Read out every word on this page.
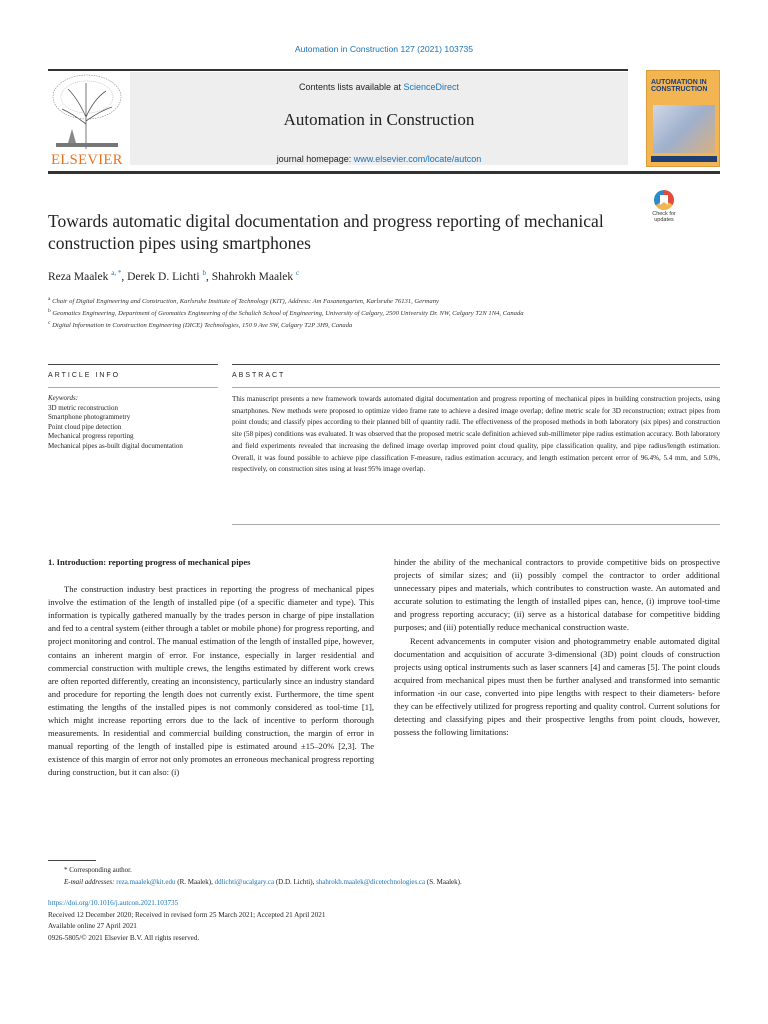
Automation in Construction 127 (2021) 103735
ELSEVIER
Contents lists available at ScienceDirect
Automation in Construction
journal homepage: www.elsevier.com/locate/autcon
AUTOMATION IN CONSTRUCTION
Check for updates
Towards automatic digital documentation and progress reporting of mechanical construction pipes using smartphones
Reza Maalek $^{a, *}$, Derek D. Lichti $^b$, Shahrokh Maalek $^c$
$^a$ Chair of Digital Engineering and Construction, Karlsruhe Institute of Technology (KIT), Address: Am Fasanengarten, Karlsruhe 76131, Germany
$^b$ Geomatics Engineering, Department of Geomatics Engineering of the Schulich School of Engineering, University of Calgary, 2500 University Dr. NW, Calgary T2N 1N4, Canada
$^c$ Digital Information in Construction Engineering (DICE) Technologies, 150 9 Ave SW, Calgary T2P 3H9, Canada
ARTICLE INFO	ABSTRACT
Keywords:
3D metric reconstruction
Smartphone photogrammetry
Point cloud pipe detection
Mechanical progress reporting
Mechanical pipes as-built digital documentation
This manuscript presents a new framework towards automated digital documentation and progress reporting of mechanical pipes in building construction projects, using smartphones. New methods were proposed to optimize video frame rate to achieve a desired image overlap; define metric scale for 3D reconstruction; extract pipes from point clouds; and classify pipes according to their planned bill of quantity radii. The effectiveness of the proposed methods in both laboratory (six pipes) and construction site (58 pipes) conditions was evaluated. It was observed that the proposed metric scale definition achieved sub-millimeter pipe radius estimation accuracy. Both laboratory and field experiments revealed that increasing the defined image overlap improved point cloud quality, pipe classification quality, and pipe radius/length estimation. Overall, it was found possible to achieve pipe classification F-measure, radius estimation accuracy, and length estimation percent error of 96.4%, 5.4 mm, and 5.0%, respectively, on construction sites using at least 95% image overlap.
1. Introduction: reporting progress of mechanical pipes

The construction industry best practices in reporting the progress of mechanical pipes involve the estimation of the length of installed pipe (of a specific diameter and type). This information is typically gathered manually by the trades person in charge of pipe installation and fed to a central system (either through a tablet or mobile phone) for progress reporting, and project monitoring and control. The manual estimation of the length of installed pipe, however, contains an inherent margin of error. For instance, especially in larger residential and commercial construction with multiple crews, the lengths estimated by different work crews are often reported differently, creating an inconsistency, particularly since an industry standard and procedure for reporting the length does not currently exist. Furthermore, the time spent estimating the lengths of the installed pipes is not commonly considered as tool-time [1], which might increase reporting errors due to the lack of incentive to perform thorough measurements. In residential and commercial building construction, the margin of error in manual reporting of the length of installed pipe is estimated around ±15–20% [2,3]. The existence of this margin of error not only promotes an erroneous mechanical progress reporting during construction, but it can also: (i)

hinder the ability of the mechanical contractors to provide competitive bids on prospective projects of similar sizes; and (ii) possibly compel the contractor to order additional unnecessary pipes and materials, which contributes to construction waste. An automated and accurate solution to estimating the length of installed pipes can, hence, (i) improve tool-time and progress reporting accuracy; (ii) serve as a historical database for competitive bidding purposes; and (iii) potentially reduce mechanical construction waste.

Recent advancements in computer vision and photogrammetry enable automated digital documentation and acquisition of accurate 3-dimensional (3D) point clouds of construction projects using optical instruments such as laser scanners [4] and cameras [5]. The point clouds acquired from mechanical pipes must then be further analysed and transformed into semantic information -in our case, converted into pipe lengths with respect to their diameters- before they can be effectively utilized for progress reporting and quality control. Current solutions for detecting and classifying pipes and their prospective lengths from point clouds, however, possess the following limitations:

* Corresponding author.
E-mail addresses: reza.maalek@kit.edu (R. Maalek), ddlichti@ucalgary.ca (D.D. Lichti), shahrokh.maalek@dicetechnologies.ca (S. Maalek).
https://doi.org/10.1016/j.autcon.2021.103735
Received 12 December 2020; Received in revised form 25 March 2021; Accepted 21 April 2021
Available online 27 April 2021
0926-5805/© 2021 Elsevier B.V. All rights reserved.
